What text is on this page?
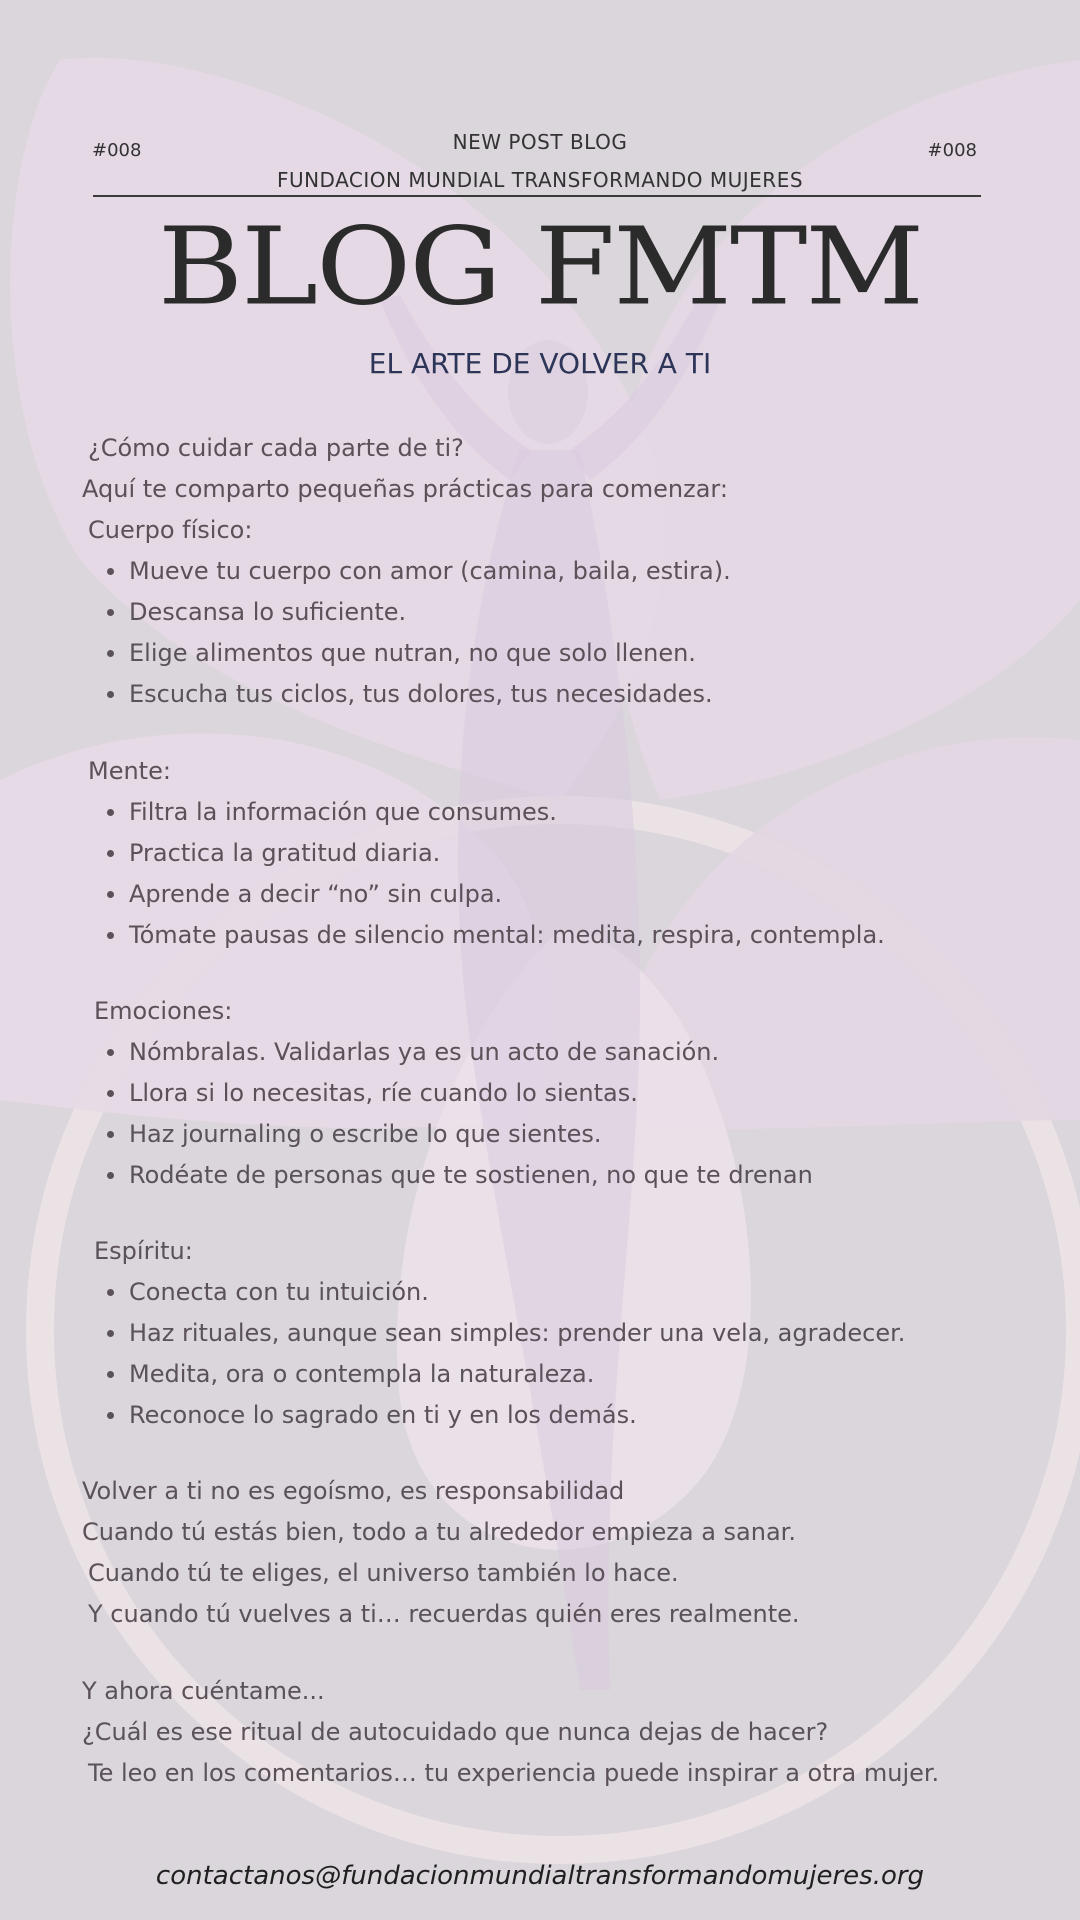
#008	#008
NEW POST BLOG
FUNDACION MUNDIAL TRANSFORMANDO MUJERES
BLOG FMTM
EL ARTE DE VOLVER A TI
¿Cómo cuidar cada parte de ti?
Aquí te comparto pequeñas prácticas para comenzar:
Cuerpo físico:
Mueve tu cuerpo con amor (camina, baila, estira).
Descansa lo suficiente.
Elige alimentos que nutran, no que solo llenen.
Escucha tus ciclos, tus dolores, tus necesidades.
Mente:
Filtra la información que consumes.
Practica la gratitud diaria.
Aprende a decir “no” sin culpa.
Tómate pausas de silencio mental: medita, respira, contempla.
Emociones:
Nómbralas. Validarlas ya es un acto de sanación.
Llora si lo necesitas, ríe cuando lo sientas.
Haz journaling o escribe lo que sientes.
Rodéate de personas que te sostienen, no que te drenan
Espíritu:
Conecta con tu intuición.
Haz rituales, aunque sean simples: prender una vela, agradecer.
Medita, ora o contempla la naturaleza.
Reconoce lo sagrado en ti y en los demás.
Volver a ti no es egoísmo, es responsabilidad
Cuando tú estás bien, todo a tu alrededor empieza a sanar.
Cuando tú te eliges, el universo también lo hace.
Y cuando tú vuelves a ti… recuerdas quién eres realmente.
Y ahora cuéntame...
¿Cuál es ese ritual de autocuidado que nunca dejas de hacer?
Te leo en los comentarios… tu experiencia puede inspirar a otra mujer.
contactanos@fundacionmundialtransformandomujeres.org
